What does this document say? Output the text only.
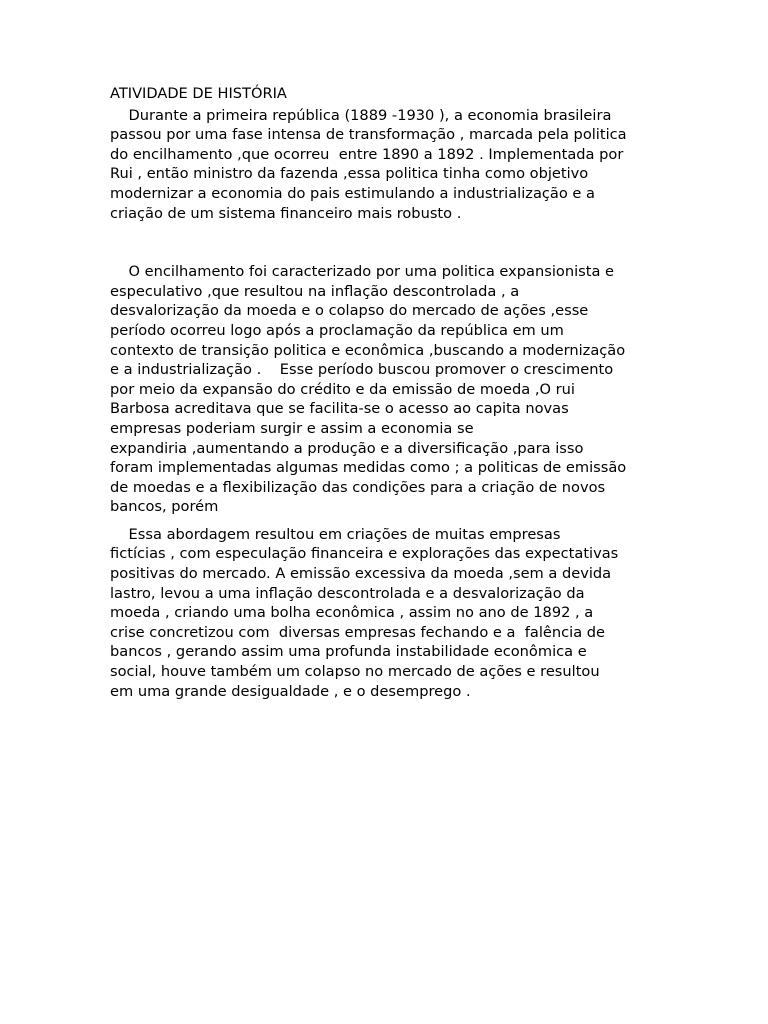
ATIVIDADE DE HISTÓRIA

Durante a primeira república (1889 -1930 ), a economia brasileira
passou por uma fase intensa de transformação , marcada pela politica
do encilhamento ,que ocorreu  entre 1890 a 1892 . Implementada por
Rui , então ministro da fazenda ,essa politica tinha como objetivo
modernizar a economia do pais estimulando a industrialização e a
criação de um sistema financeiro mais robusto .

O encilhamento foi caracterizado por uma politica expansionista e
especulativo ,que resultou na inflação descontrolada , a
desvalorização da moeda e o colapso do mercado de ações ,esse
período ocorreu logo após a proclamação da república em um
contexto de transição politica e econômica ,buscando a modernização
e a industrialização .    Esse período buscou promover o crescimento
por meio da expansão do crédito e da emissão de moeda ,O rui
Barbosa acreditava que se facilita-se o acesso ao capita novas
empresas poderiam surgir e assim a economia se
expandiria ,aumentando a produção e a diversificação ,para isso
foram implementadas algumas medidas como ; a politicas de emissão
de moedas e a flexibilização das condições para a criação de novos
bancos, porém

Essa abordagem resultou em criações de muitas empresas
fictícias , com especulação financeira e explorações das expectativas
positivas do mercado. A emissão excessiva da moeda ,sem a devida
lastro, levou a uma inflação descontrolada e a desvalorização da
moeda , criando uma bolha econômica , assim no ano de 1892 , a
crise concretizou com  diversas empresas fechando e a  falência de
bancos , gerando assim uma profunda instabilidade econômica e
social, houve também um colapso no mercado de ações e resultou
em uma grande desigualdade , e o desemprego .
